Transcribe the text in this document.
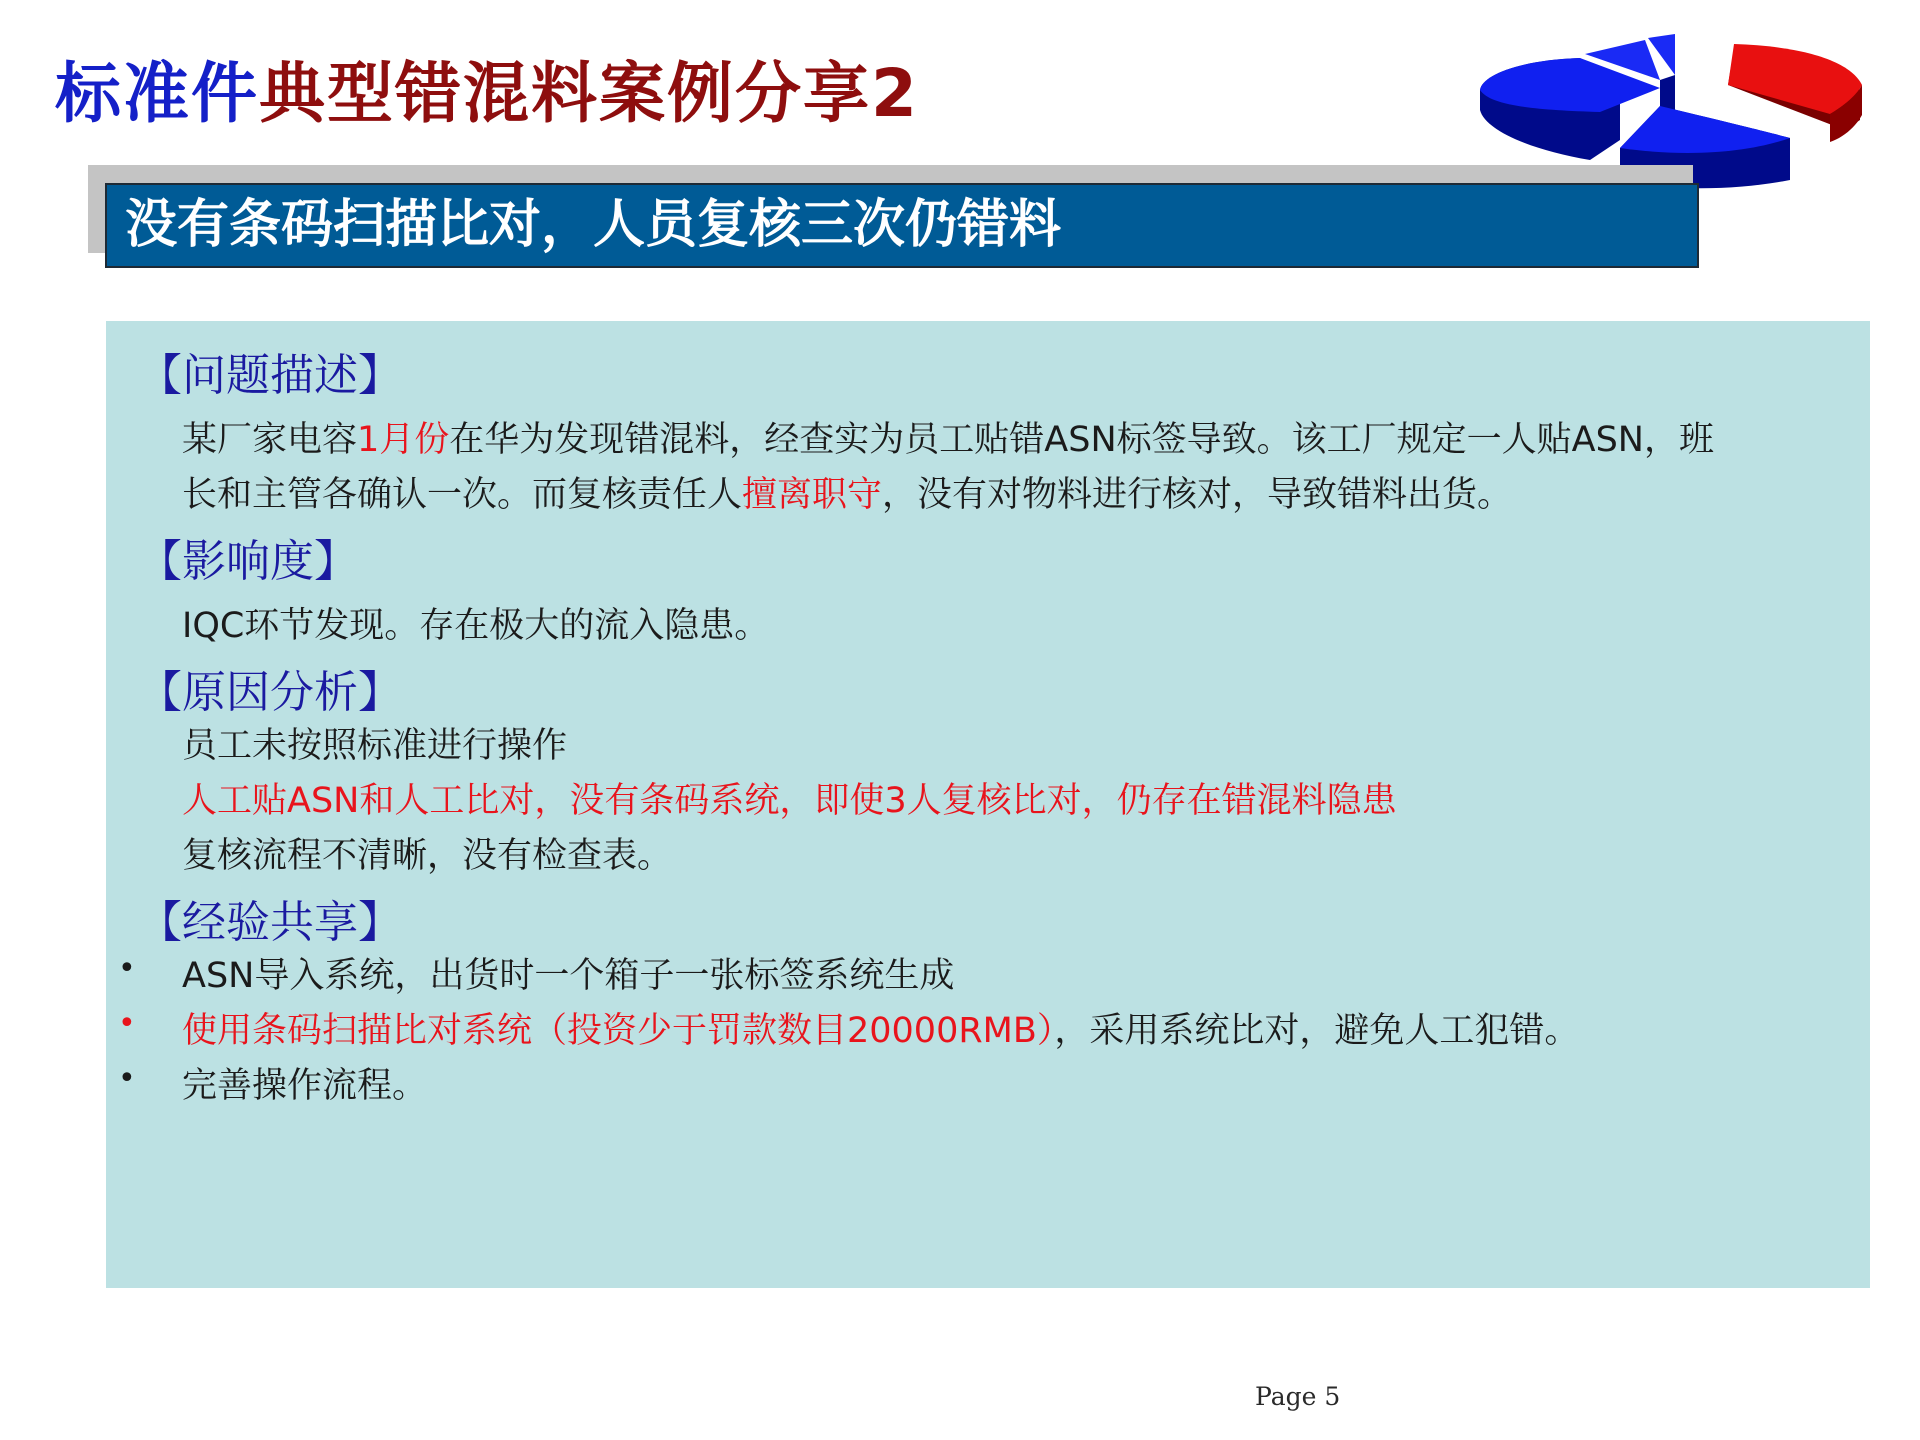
标准件典型错混料案例分享2
没有条码扫描比对，人员复核三次仍错料
【问题描述】
某厂家电容1月份在华为发现错混料，经查实为员工贴错ASN标签导致。该工厂规定一人贴ASN，班
长和主管各确认一次。而复核责任人擅离职守，没有对物料进行核对，导致错料出货。
【影响度】
IQC环节发现。存在极大的流入隐患。
【原因分析】
员工未按照标准进行操作
人工贴ASN和人工比对，没有条码系统，即使3人复核比对，仍存在错混料隐患
复核流程不清晰，没有检查表。
【经验共享】
• ASN导入系统，出货时一个箱子一张标签系统生成
• 使用条码扫描比对系统（投资少于罚款数目20000RMB），采用系统比对，避免人工犯错。
• 完善操作流程。
Page 5
